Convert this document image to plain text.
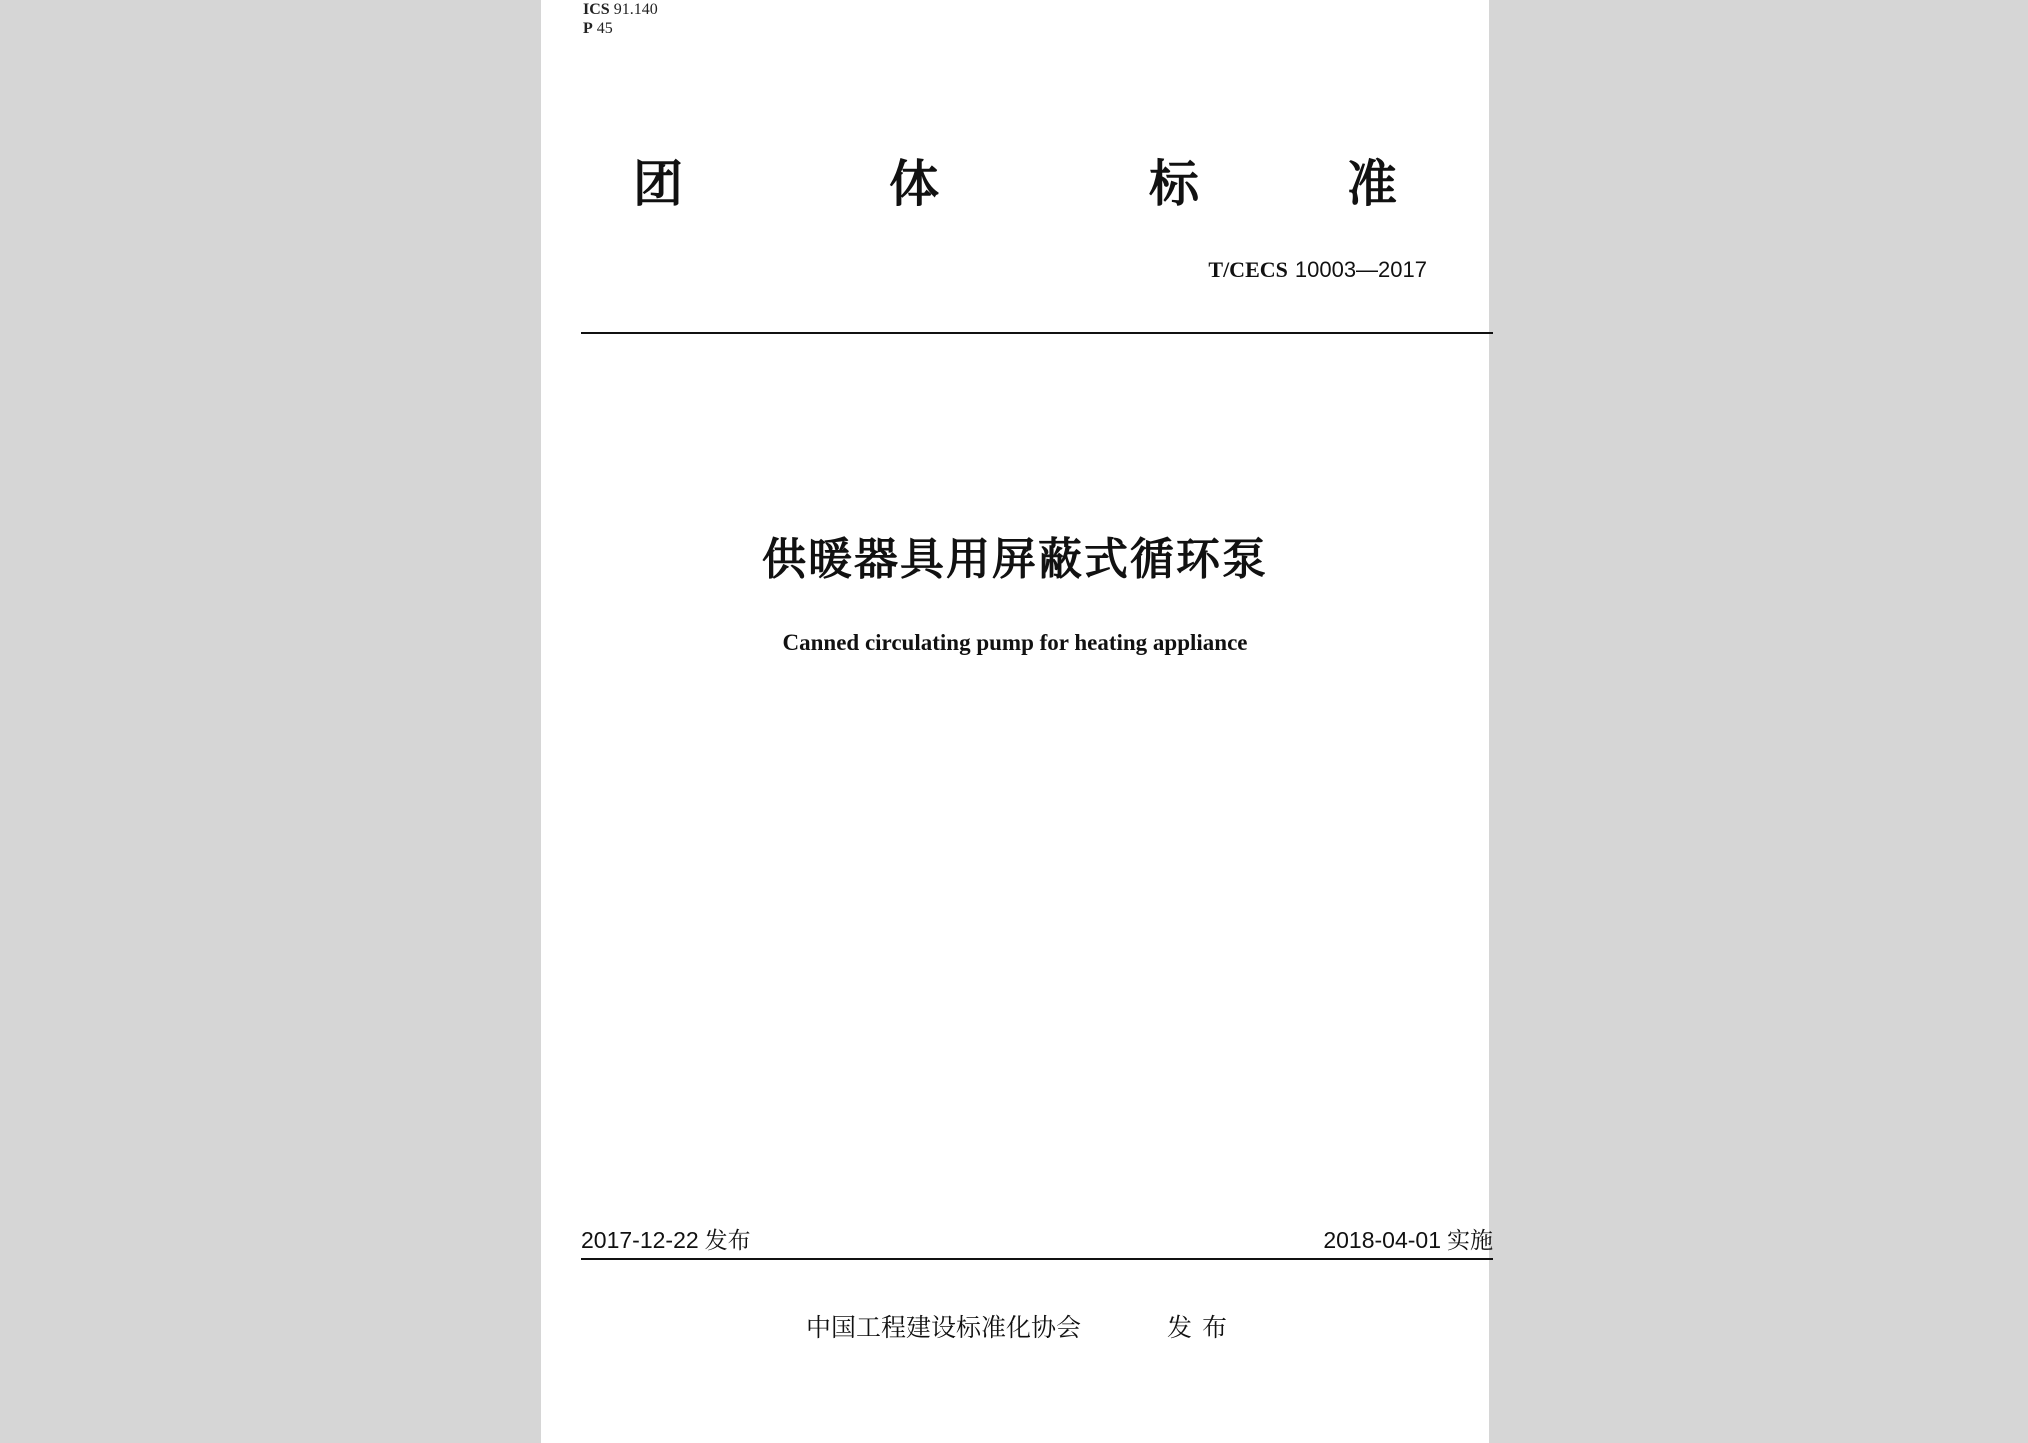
ICS 91.140
P 45
团	体	标	准
T/CECS 10003—2017
供暖器具用屏蔽式循环泵
Canned circulating pump for heating appliance
2017-12-22 发布	2018-04-01 实施
中国工程建设标准化协会	发布
